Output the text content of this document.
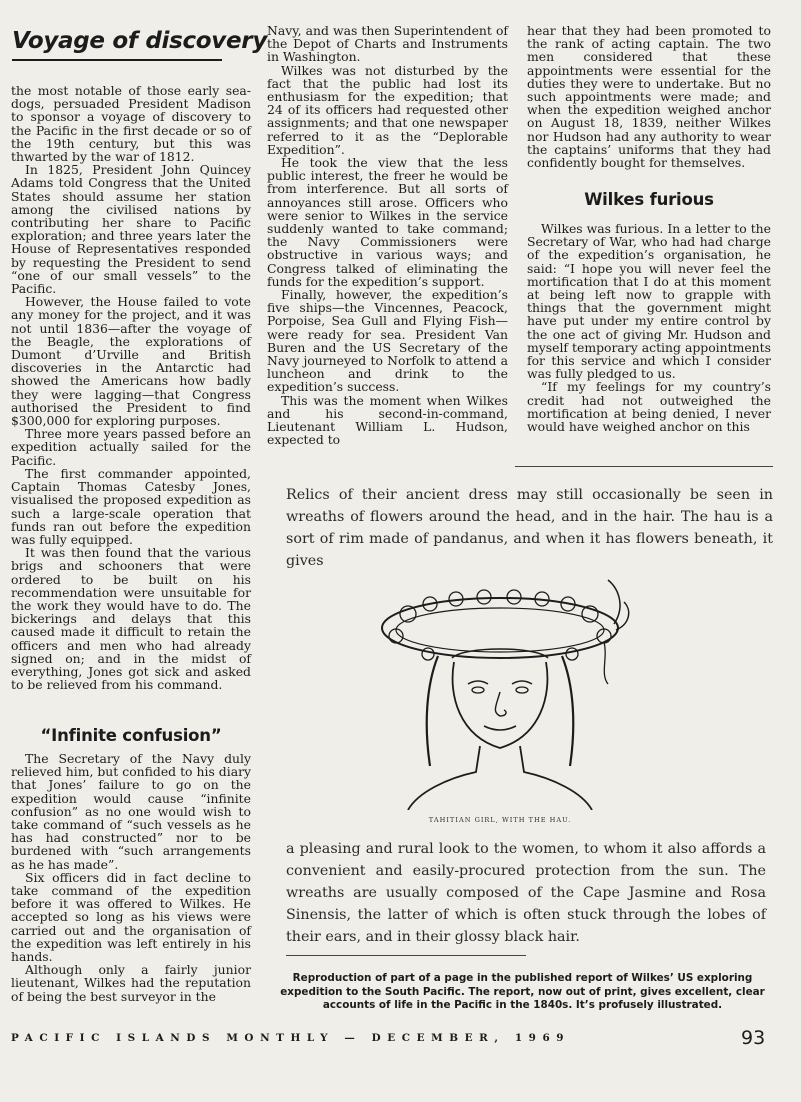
Voyage of discovery

the most notable of those early sea-dogs, persuaded President Madison to sponsor a voyage of discovery to the Pacific in the first decade or so of the 19th century, but this was thwarted by the war of 1812.

In 1825, President John Quincey Adams told Congress that the United States should assume her station among the civilised nations by contributing her share to Pacific exploration; and three years later the House of Representatives responded by requesting the President to send “one of our small vessels” to the Pacific.

However, the House failed to vote any money for the project, and it was not until 1836—after the voyage of the Beagle, the explorations of Dumont d’Urville and British discoveries in the Antarctic had showed the Americans how badly they were lagging—that Congress authorised the President to find $300,000 for exploring purposes.

Three more years passed before an expedition actually sailed for the Pacific.

The first commander appointed, Captain Thomas Catesby Jones, visualised the proposed expedition as such a large-scale operation that funds ran out before the expedition was fully equipped.

It was then found that the various brigs and schooners that were ordered to be built on his recommendation were unsuitable for the work they would have to do. The bickerings and delays that this caused made it difficult to retain the officers and men who had already signed on; and in the midst of everything, Jones got sick and asked to be relieved from his command.

“Infinite confusion”

The Secretary of the Navy duly relieved him, but confided to his diary that Jones’ failure to go on the expedition would cause “infinite confusion” as no one would wish to take command of “such vessels as he has had constructed” nor to be burdened with “such arrangements as he has made”.

Six officers did in fact decline to take command of the expedition before it was offered to Wilkes. He accepted so long as his views were carried out and the organisation of the expedition was left entirely in his hands.

Although only a fairly junior lieutenant, Wilkes had the reputation of being the best surveyor in the

Navy, and was then Superintendent of the Depot of Charts and Instruments in Washington.

Wilkes was not disturbed by the fact that the public had lost its enthusiasm for the expedition; that 24 of its officers had requested other assignments; and that one newspaper referred to it as the “Deplorable Expedition”.

He took the view that the less public interest, the freer he would be from interference. But all sorts of annoyances still arose. Officers who were senior to Wilkes in the service suddenly wanted to take command; the Navy Commissioners were obstructive in various ways; and Congress talked of eliminating the funds for the expedition’s support.

Finally, however, the expedition’s five ships—the Vincennes, Peacock, Porpoise, Sea Gull and Flying Fish—were ready for sea. President Van Buren and the US Secretary of the Navy journeyed to Norfolk to attend a luncheon and drink to the expedition’s success.

This was the moment when Wilkes and his second-in-command, Lieutenant William L. Hudson, expected to

hear that they had been promoted to the rank of acting captain. The two men considered that these appointments were essential for the duties they were to undertake. But no such appointments were made; and when the expedition weighed anchor on August 18, 1839, neither Wilkes nor Hudson had any authority to wear the captains’ uniforms that they had confidently bought for themselves.

Wilkes furious

Wilkes was furious. In a letter to the Secretary of War, who had had charge of the expedition’s organisation, he said: “I hope you will never feel the mortification that I do at this moment at being left now to grapple with things that the government might have put under my entire control by the one act of giving Mr. Hudson and myself temporary acting appointments for this service and which I consider was fully pledged to us.

“If my feelings for my country’s credit had not outweighed the mortification at being denied, I never would have weighed anchor on this

Relics of their ancient dress may still occasionally be seen in wreaths of flowers around the head, and in the hair. The hau is a sort of rim made of pandanus, and when it has flowers beneath, it gives

TAHITIAN GIRL, WITH THE HAU.

a pleasing and rural look to the women, to whom it also affords a convenient and easily-procured protection from the sun. The wreaths are usually composed of the Cape Jasmine and Rosa Sinensis, the latter of which is often stuck through the lobes of their ears, and in their glossy black hair.

Reproduction of part of a page in the published report of Wilkes’ US exploring expedition to the South Pacific. The report, now out of print, gives excellent, clear accounts of life in the Pacific in the 1840s. It’s profusely illustrated.
PACIFIC ISLANDS MONTHLY — DECEMBER, 1969	93
